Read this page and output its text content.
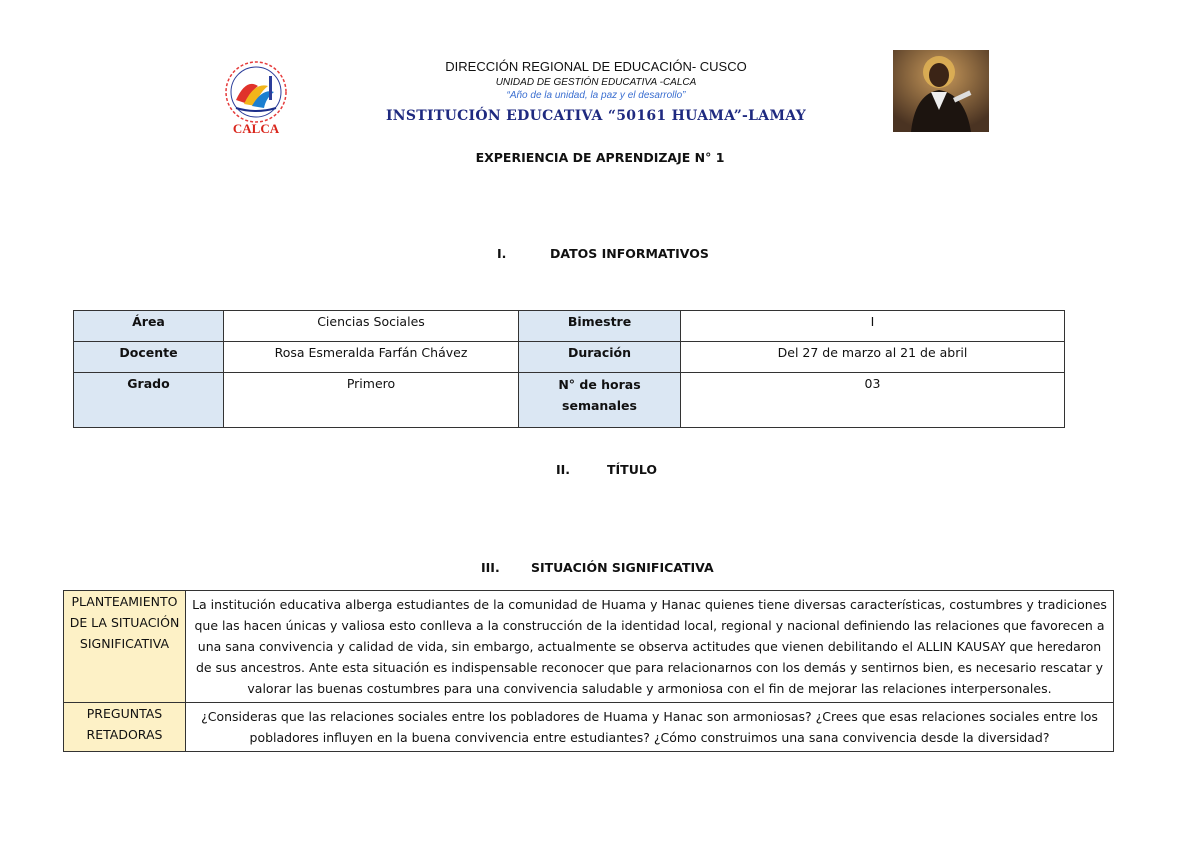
CALCA
DIRECCIÓN REGIONAL DE EDUCACIÓN- CUSCO
UNIDAD DE GESTIÓN EDUCATIVA -CALCA
“Año de la unidad, la paz y el desarrollo”
INSTITUCIÓN EDUCATIVA “50161 HUAMA”-LAMAY
EXPERIENCIA DE APRENDIZAJE N° 1
I.	DATOS INFORMATIVOS
Área	Ciencias Sociales	Bimestre	I
Docente	Rosa Esmeralda Farfán Chávez	Duración	Del 27 de marzo al 21 de abril
Grado	Primero	N° de horas semanales	03
II.	TÍTULO
III.	SITUACIÓN SIGNIFICATIVA
PLANTEAMIENTO DE LA SITUACIÓN SIGNIFICATIVA	La institución educativa alberga estudiantes de la comunidad de Huama y Hanac quienes tiene diversas características, costumbres y tradiciones que las hacen únicas y valiosa esto conlleva a la construcción de la identidad local, regional y nacional definiendo las relaciones que favorecen a una sana convivencia y calidad de vida, sin embargo, actualmente se observa actitudes que vienen debilitando el ALLIN KAUSAY que heredaron de sus ancestros. Ante esta situación es indispensable reconocer que para relacionarnos con los demás y sentirnos bien, es necesario rescatar y valorar las buenas costumbres para una convivencia saludable y armoniosa con el fin de mejorar las relaciones interpersonales.
PREGUNTAS RETADORAS	¿Consideras que las relaciones sociales entre los pobladores de Huama y Hanac son armoniosas? ¿Crees que esas relaciones sociales entre los pobladores influyen en la buena convivencia entre estudiantes? ¿Cómo construimos una sana convivencia desde la diversidad?
